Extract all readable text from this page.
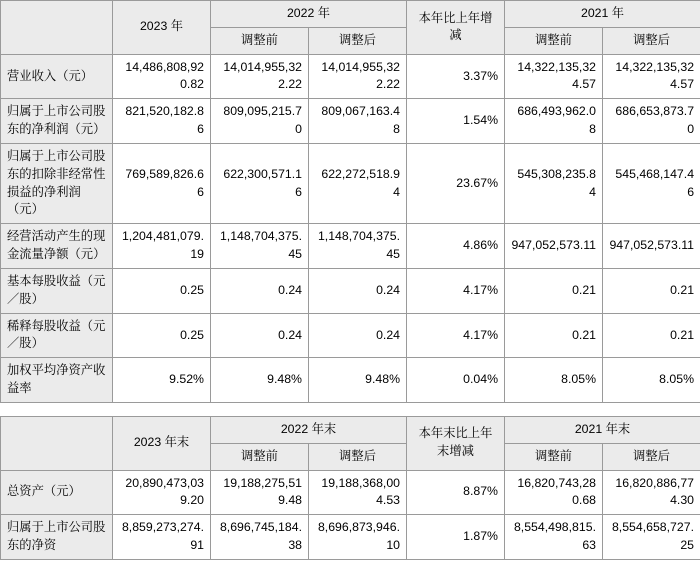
	2023 年	2022 年		本年比上年增减	2021 年	
		调整前	调整后		调整前	调整后
营业收入（元）	14,486,808,920.82	14,014,955,322.22	14,014,955,322.22	3.37%	14,322,135,324.57	14,322,135,324.57
归属于上市公司股东的净利润（元）	821,520,182.86	809,095,215.70	809,067,163.48	1.54%	686,493,962.08	686,653,873.70
归属于上市公司股东的扣除非经常性损益的净利润（元）	769,589,826.66	622,300,571.16	622,272,518.94	23.67%	545,308,235.84	545,468,147.46
经营活动产生的现金流量净额（元）	1,204,481,079.19	1,148,704,375.45	1,148,704,375.45	4.86%	947,052,573.11	947,052,573.11
基本每股收益（元／股）	0.25	0.24	0.24	4.17%	0.21	0.21
稀释每股收益（元／股）	0.25	0.24	0.24	4.17%	0.21	0.21
加权平均净资产收益率	9.52%	9.48%	9.48%	0.04%	8.05%	8.05%
	2023 年末	2022 年末		本年末比上年末增减	2021 年末	
		调整前	调整后		调整前	调整后
总资产（元）	20,890,473,039.20	19,188,275,519.48	19,188,368,004.53	8.87%	16,820,743,280.68	16,820,886,774.30
归属于上市公司股东的净资	8,859,273,274.91	8,696,745,184.38	8,696,873,946.10	1.87%	8,554,498,815.63	8,554,658,727.25
